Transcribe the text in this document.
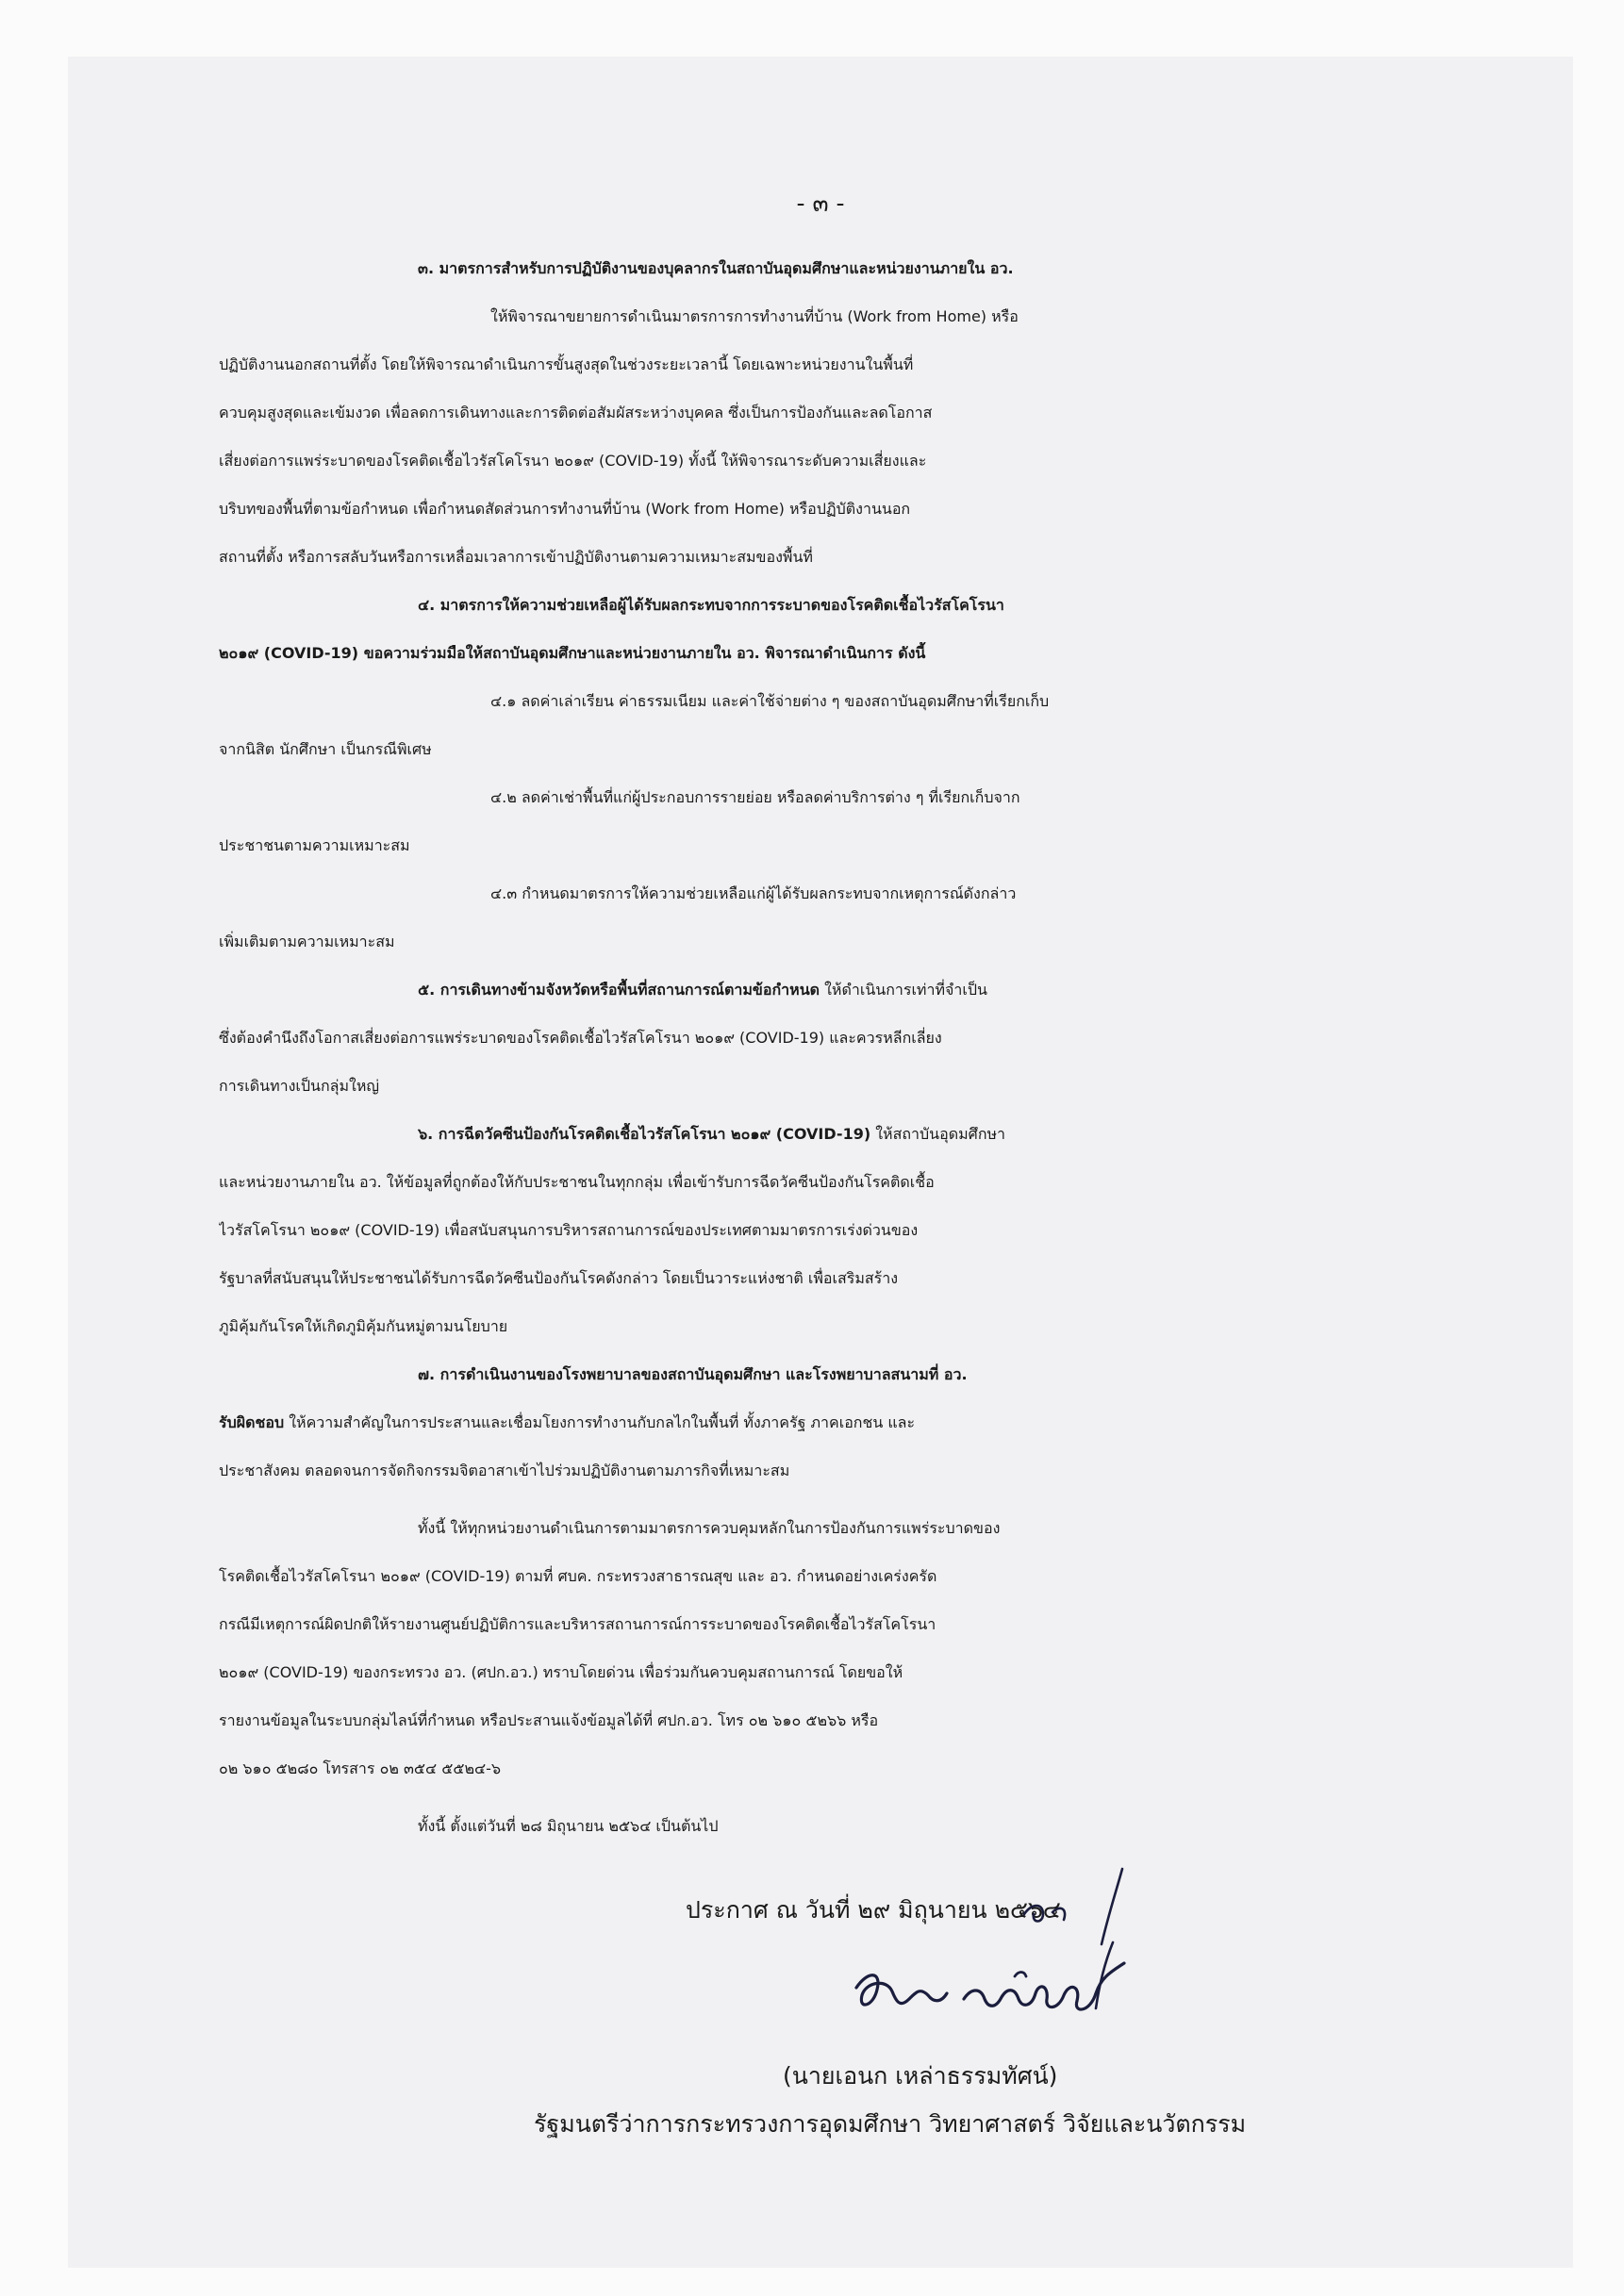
- ๓ -
๓. มาตรการสำหรับการปฏิบัติงานของบุคลากรในสถาบันอุดมศึกษาและหน่วยงานภายใน อว.
ให้พิจารณาขยายการดำเนินมาตรการการทำงานที่บ้าน (Work from Home) หรือ
ปฏิบัติงานนอกสถานที่ตั้ง โดยให้พิจารณาดำเนินการขั้นสูงสุดในช่วงระยะเวลานี้ โดยเฉพาะหน่วยงานในพื้นที่
ควบคุมสูงสุดและเข้มงวด เพื่อลดการเดินทางและการติดต่อสัมผัสระหว่างบุคคล ซึ่งเป็นการป้องกันและลดโอกาส
เสี่ยงต่อการแพร่ระบาดของโรคติดเชื้อไวรัสโคโรนา ๒๐๑๙ (COVID-19) ทั้งนี้ ให้พิจารณาระดับความเสี่ยงและ
บริบทของพื้นที่ตามข้อกำหนด เพื่อกำหนดสัดส่วนการทำงานที่บ้าน (Work from Home) หรือปฏิบัติงานนอก
สถานที่ตั้ง หรือการสลับวันหรือการเหลื่อมเวลาการเข้าปฏิบัติงานตามความเหมาะสมของพื้นที่
๔. มาตรการให้ความช่วยเหลือผู้ได้รับผลกระทบจากการระบาดของโรคติดเชื้อไวรัสโคโรนา
๒๐๑๙ (COVID-19) ขอความร่วมมือให้สถาบันอุดมศึกษาและหน่วยงานภายใน อว. พิจารณาดำเนินการ ดังนี้
๔.๑ ลดค่าเล่าเรียน ค่าธรรมเนียม และค่าใช้จ่ายต่าง ๆ ของสถาบันอุดมศึกษาที่เรียกเก็บ
จากนิสิต นักศึกษา เป็นกรณีพิเศษ
๔.๒ ลดค่าเช่าพื้นที่แก่ผู้ประกอบการรายย่อย หรือลดค่าบริการต่าง ๆ ที่เรียกเก็บจาก
ประชาชนตามความเหมาะสม
๔.๓ กำหนดมาตรการให้ความช่วยเหลือแก่ผู้ได้รับผลกระทบจากเหตุการณ์ดังกล่าว
เพิ่มเติมตามความเหมาะสม
๕. การเดินทางข้ามจังหวัดหรือพื้นที่สถานการณ์ตามข้อกำหนด ให้ดำเนินการเท่าที่จำเป็น
ซึ่งต้องคำนึงถึงโอกาสเสี่ยงต่อการแพร่ระบาดของโรคติดเชื้อไวรัสโคโรนา ๒๐๑๙ (COVID-19) และควรหลีกเลี่ยง
การเดินทางเป็นกลุ่มใหญ่
๖. การฉีดวัคซีนป้องกันโรคติดเชื้อไวรัสโคโรนา ๒๐๑๙ (COVID-19) ให้สถาบันอุดมศึกษา
และหน่วยงานภายใน อว. ให้ข้อมูลที่ถูกต้องให้กับประชาชนในทุกกลุ่ม เพื่อเข้ารับการฉีดวัคซีนป้องกันโรคติดเชื้อ
ไวรัสโคโรนา ๒๐๑๙ (COVID-19) เพื่อสนับสนุนการบริหารสถานการณ์ของประเทศตามมาตรการเร่งด่วนของ
รัฐบาลที่สนับสนุนให้ประชาชนได้รับการฉีดวัคซีนป้องกันโรคดังกล่าว โดยเป็นวาระแห่งชาติ เพื่อเสริมสร้าง
ภูมิคุ้มกันโรคให้เกิดภูมิคุ้มกันหมู่ตามนโยบาย
๗. การดำเนินงานของโรงพยาบาลของสถาบันอุดมศึกษา และโรงพยาบาลสนามที่ อว.
รับผิดชอบ ให้ความสำคัญในการประสานและเชื่อมโยงการทำงานกับกลไกในพื้นที่ ทั้งภาครัฐ ภาคเอกชน และ
ประชาสังคม ตลอดจนการจัดกิจกรรมจิตอาสาเข้าไปร่วมปฏิบัติงานตามภารกิจที่เหมาะสม
ทั้งนี้ ให้ทุกหน่วยงานดำเนินการตามมาตรการควบคุมหลักในการป้องกันการแพร่ระบาดของ
โรคติดเชื้อไวรัสโคโรนา ๒๐๑๙ (COVID-19) ตามที่ ศบค. กระทรวงสาธารณสุข และ อว. กำหนดอย่างเคร่งครัด
กรณีมีเหตุการณ์ผิดปกติให้รายงานศูนย์ปฏิบัติการและบริหารสถานการณ์การระบาดของโรคติดเชื้อไวรัสโคโรนา
๒๐๑๙ (COVID-19) ของกระทรวง อว. (ศปก.อว.) ทราบโดยด่วน เพื่อร่วมกันควบคุมสถานการณ์ โดยขอให้
รายงานข้อมูลในระบบกลุ่มไลน์ที่กำหนด หรือประสานแจ้งข้อมูลได้ที่ ศปก.อว. โทร ๐๒ ๖๑๐ ๕๒๖๖ หรือ
๐๒ ๖๑๐ ๕๒๘๐ โทรสาร ๐๒ ๓๕๔ ๕๕๒๔-๖
ทั้งนี้ ตั้งแต่วันที่ ๒๘ มิถุนายน ๒๕๖๔ เป็นต้นไป
ประกาศ ณ วันที่ ๒๙ มิถุนายน ๒๕๖๔
(นายเอนก เหล่าธรรมทัศน์)
รัฐมนตรีว่าการกระทรวงการอุดมศึกษา วิทยาศาสตร์ วิจัยและนวัตกรรม
